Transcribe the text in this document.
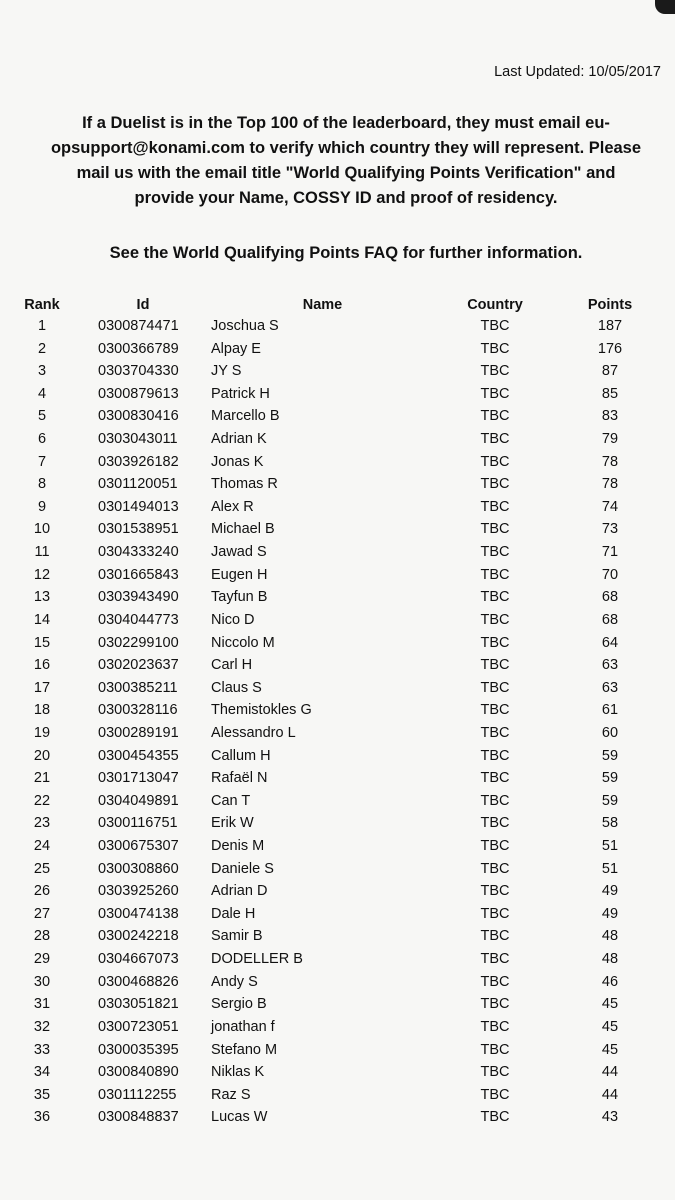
Last Updated: 10/05/2017
If a Duelist is in the Top 100 of the leaderboard, they must email eu-
opsupport@konami.com to verify which country they will represent. Please
mail us with the email title "World Qualifying Points Verification" and
provide your Name, COSSY ID and proof of residency.
See the World Qualifying Points FAQ for further information.
Rank	Id	Name	Country	Points
1	0300874471 Joschua S	TBC	187
2	0300366789 Alpay E	TBC	176
3	0303704330 JY S	TBC	87
4	0300879613 Patrick H	TBC	85
5	0300830416 Marcello B	TBC	83
6	0303043011 Adrian K	TBC	79
7	0303926182 Jonas K	TBC	78
8	0301120051 Thomas R	TBC	78
9	0301494013 Alex R	TBC	74
10	0301538951 Michael B	TBC	73
11	0304333240 Jawad S	TBC	71
12	0301665843 Eugen H	TBC	70
13	0303943490 Tayfun B	TBC	68
14	0304044773 Nico D	TBC	68
15	0302299100 Niccolo M	TBC	64
16	0302023637 Carl H	TBC	63
17	0300385211 Claus S	TBC	63
18	0300328116 Themistokles G	TBC	61
19	0300289191 Alessandro L	TBC	60
20	0300454355 Callum H	TBC	59
21	0301713047 Rafaël N	TBC	59
22	0304049891 Can T	TBC	59
23	0300116751 Erik W	TBC	58
24	0300675307 Denis M	TBC	51
25	0300308860 Daniele S	TBC	51
26	0303925260 Adrian D	TBC	49
27	0300474138 Dale H	TBC	49
28	0300242218 Samir B	TBC	48
29	0304667073 DODELLER B	TBC	48
30	0300468826 Andy S	TBC	46
31	0303051821 Sergio B	TBC	45
32	0300723051 jonathan f	TBC	45
33	0300035395 Stefano M	TBC	45
34	0300840890 Niklas K	TBC	44
35	0301112255 Raz S	TBC	44
36	0300848837 Lucas W	TBC	43
